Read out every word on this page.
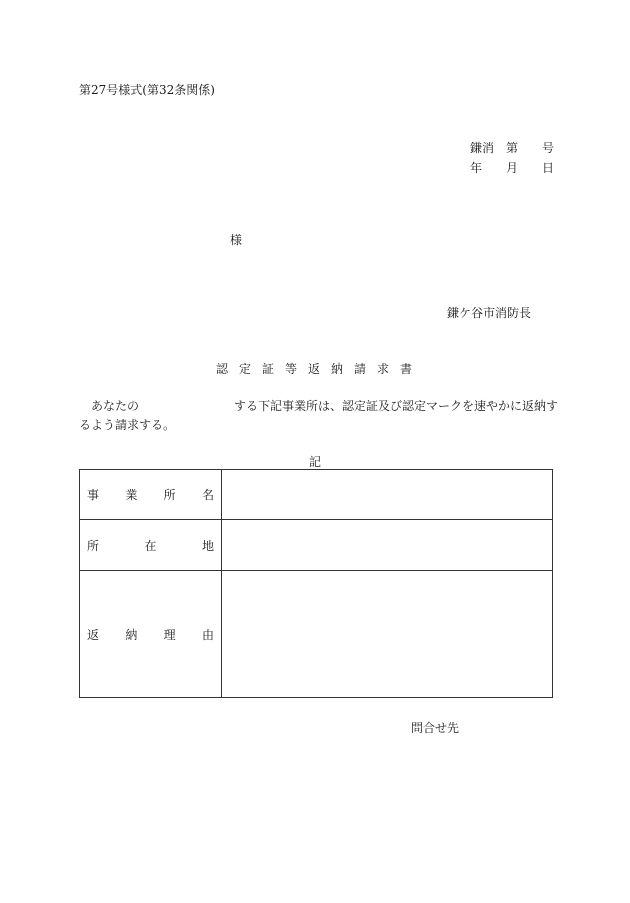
第27号様式(第32条関係)
鎌消 第	号
年	月	日
様
鎌ケ谷市消防長
認定証等返納請求書
あなたの	する下記事業所は、認定証及び認定マークを速やかに返納す
るよう請求する。
記
事 業 所 名	

所 在 地	

返 納 理 由	

問合せ先
